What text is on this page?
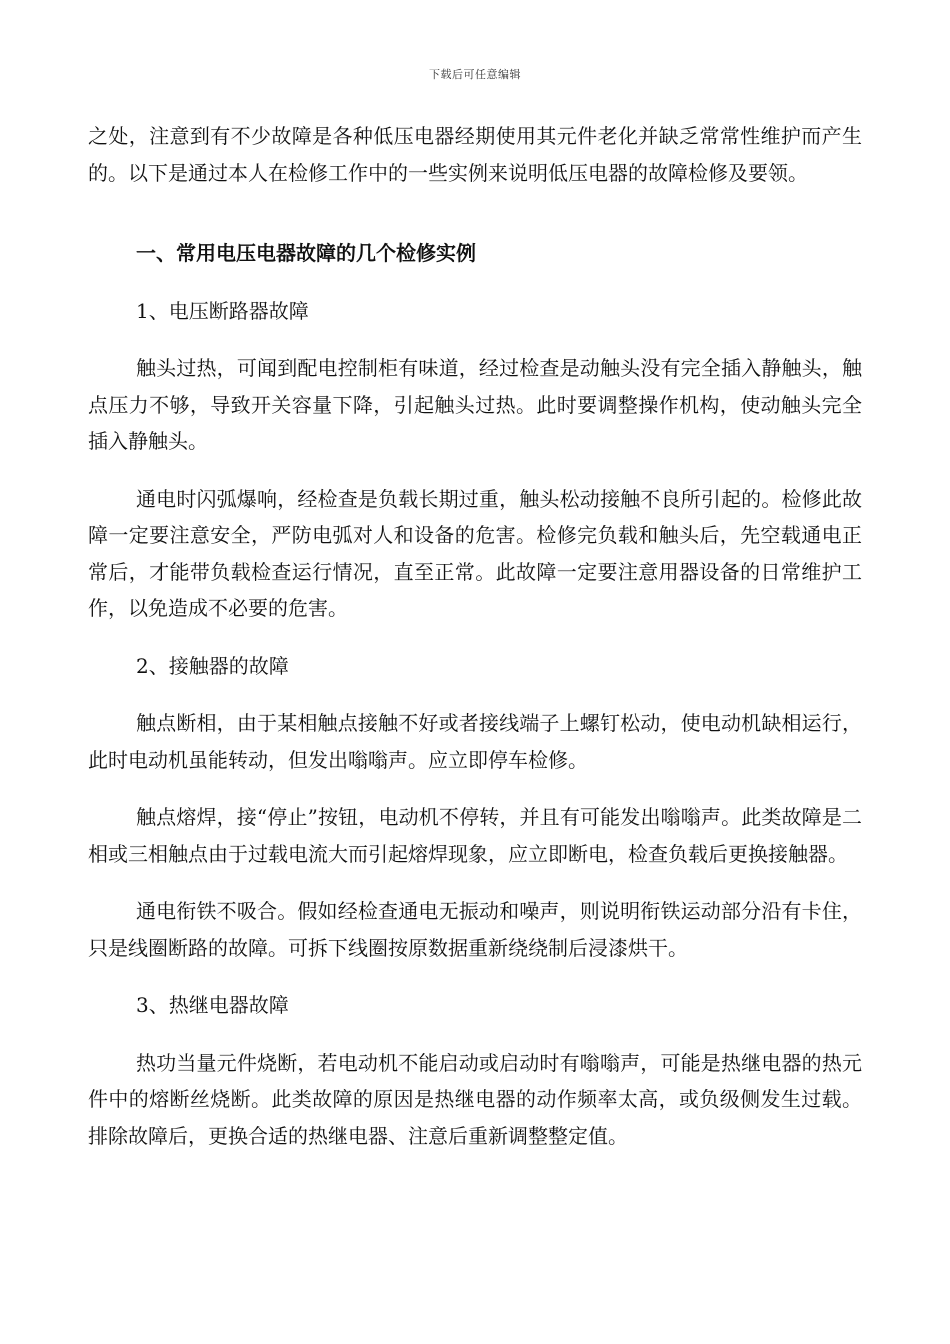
下载后可任意编辑

之处，注意到有不少故障是各种低压电器经期使用其元件老化并缺乏常常性维护而产生的。以下是通过本人在检修工作中的一些实例来说明低压电器的故障检修及要领。

一、常用电压电器故障的几个检修实例

1、电压断路器故障

触头过热，可闻到配电控制柜有味道，经过检查是动触头没有完全插入静触头，触点压力不够，导致开关容量下降，引起触头过热。此时要调整操作机构，使动触头完全插入静触头。

通电时闪弧爆响，经检查是负载长期过重，触头松动接触不良所引起的。检修此故障一定要注意安全，严防电弧对人和设备的危害。检修完负载和触头后，先空载通电正常后，才能带负载检查运行情况，直至正常。此故障一定要注意用器设备的日常维护工作，以免造成不必要的危害。

2、接触器的故障

触点断相，由于某相触点接触不好或者接线端子上螺钉松动，使电动机缺相运行，此时电动机虽能转动，但发出嗡嗡声。应立即停车检修。

触点熔焊，接“停止”按钮，电动机不停转，并且有可能发出嗡嗡声。此类故障是二相或三相触点由于过载电流大而引起熔焊现象，应立即断电，检查负载后更换接触器。

通电衔铁不吸合。假如经检查通电无振动和噪声，则说明衔铁运动部分沿有卡住，只是线圈断路的故障。可拆下线圈按原数据重新绕绕制后浸漆烘干。

3、热继电器故障

热功当量元件烧断，若电动机不能启动或启动时有嗡嗡声，可能是热继电器的热元件中的熔断丝烧断。此类故障的原因是热继电器的动作频率太高，或负级侧发生过载。排除故障后，更换合适的热继电器、注意后重新调整整定值。
